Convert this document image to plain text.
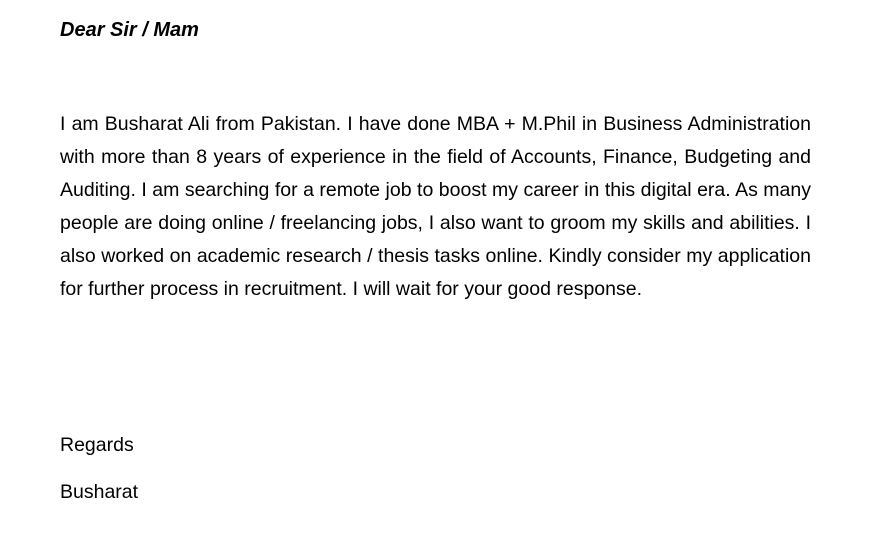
Dear Sir / Mam

I am Busharat Ali from Pakistan. I have done MBA + M.Phil in Business Administration with more than 8 years of experience in the field of Accounts, Finance, Budgeting and Auditing. I am searching for a remote job to boost my career in this digital era. As many people are doing online / freelancing jobs, I also want to groom my skills and abilities. I also worked on academic research / thesis tasks online. Kindly consider my application for further process in recruitment. I will wait for your good response.

Regards

Busharat
